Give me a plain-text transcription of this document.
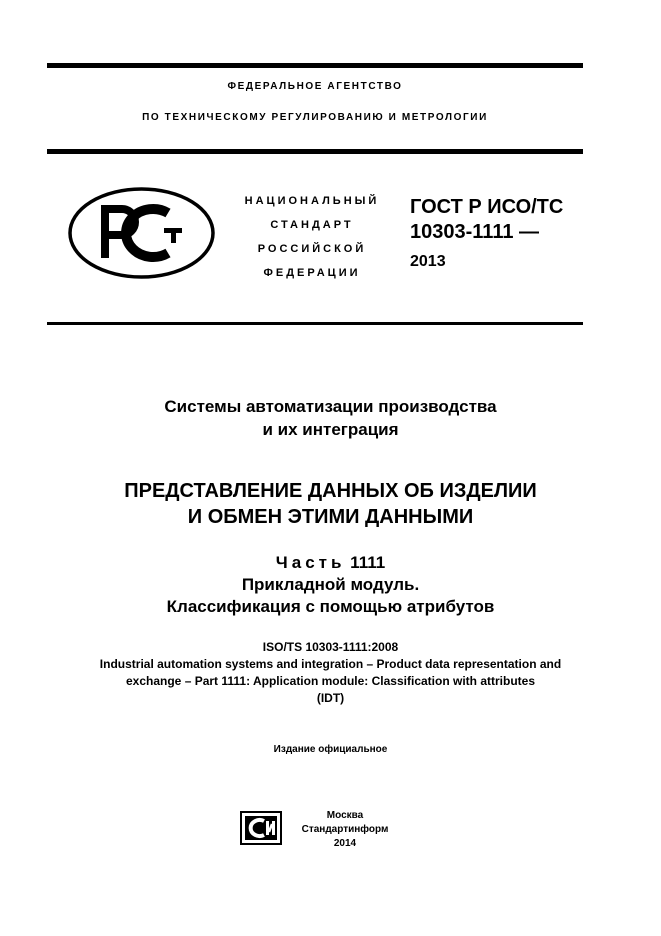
ФЕДЕРАЛЬНОЕ АГЕНТСТВО
ПО ТЕХНИЧЕСКОМУ РЕГУЛИРОВАНИЮ И МЕТРОЛОГИИ
РСТ
НАЦИОНАЛЬНЫЙ
СТАНДАРТ
РОССИЙСКОЙ
ФЕДЕРАЦИИ
ГОСТ Р ИСО/ТС
10303-1111 —
2013
Системы автоматизации производства
и их интеграция
ПРЕДСТАВЛЕНИЕ ДАННЫХ ОБ ИЗДЕЛИИ
И ОБМЕН ЭТИМИ ДАННЫМИ
Часть 1111
Прикладной модуль.
Классификация с помощью атрибутов
ISO/TS 10303-1111:2008
Industrial automation systems and integration – Product data representation and
exchange – Part 1111: Application module: Classification with attributes
(IDT)
Издание официальное
Москва
Стандартинформ
2014
